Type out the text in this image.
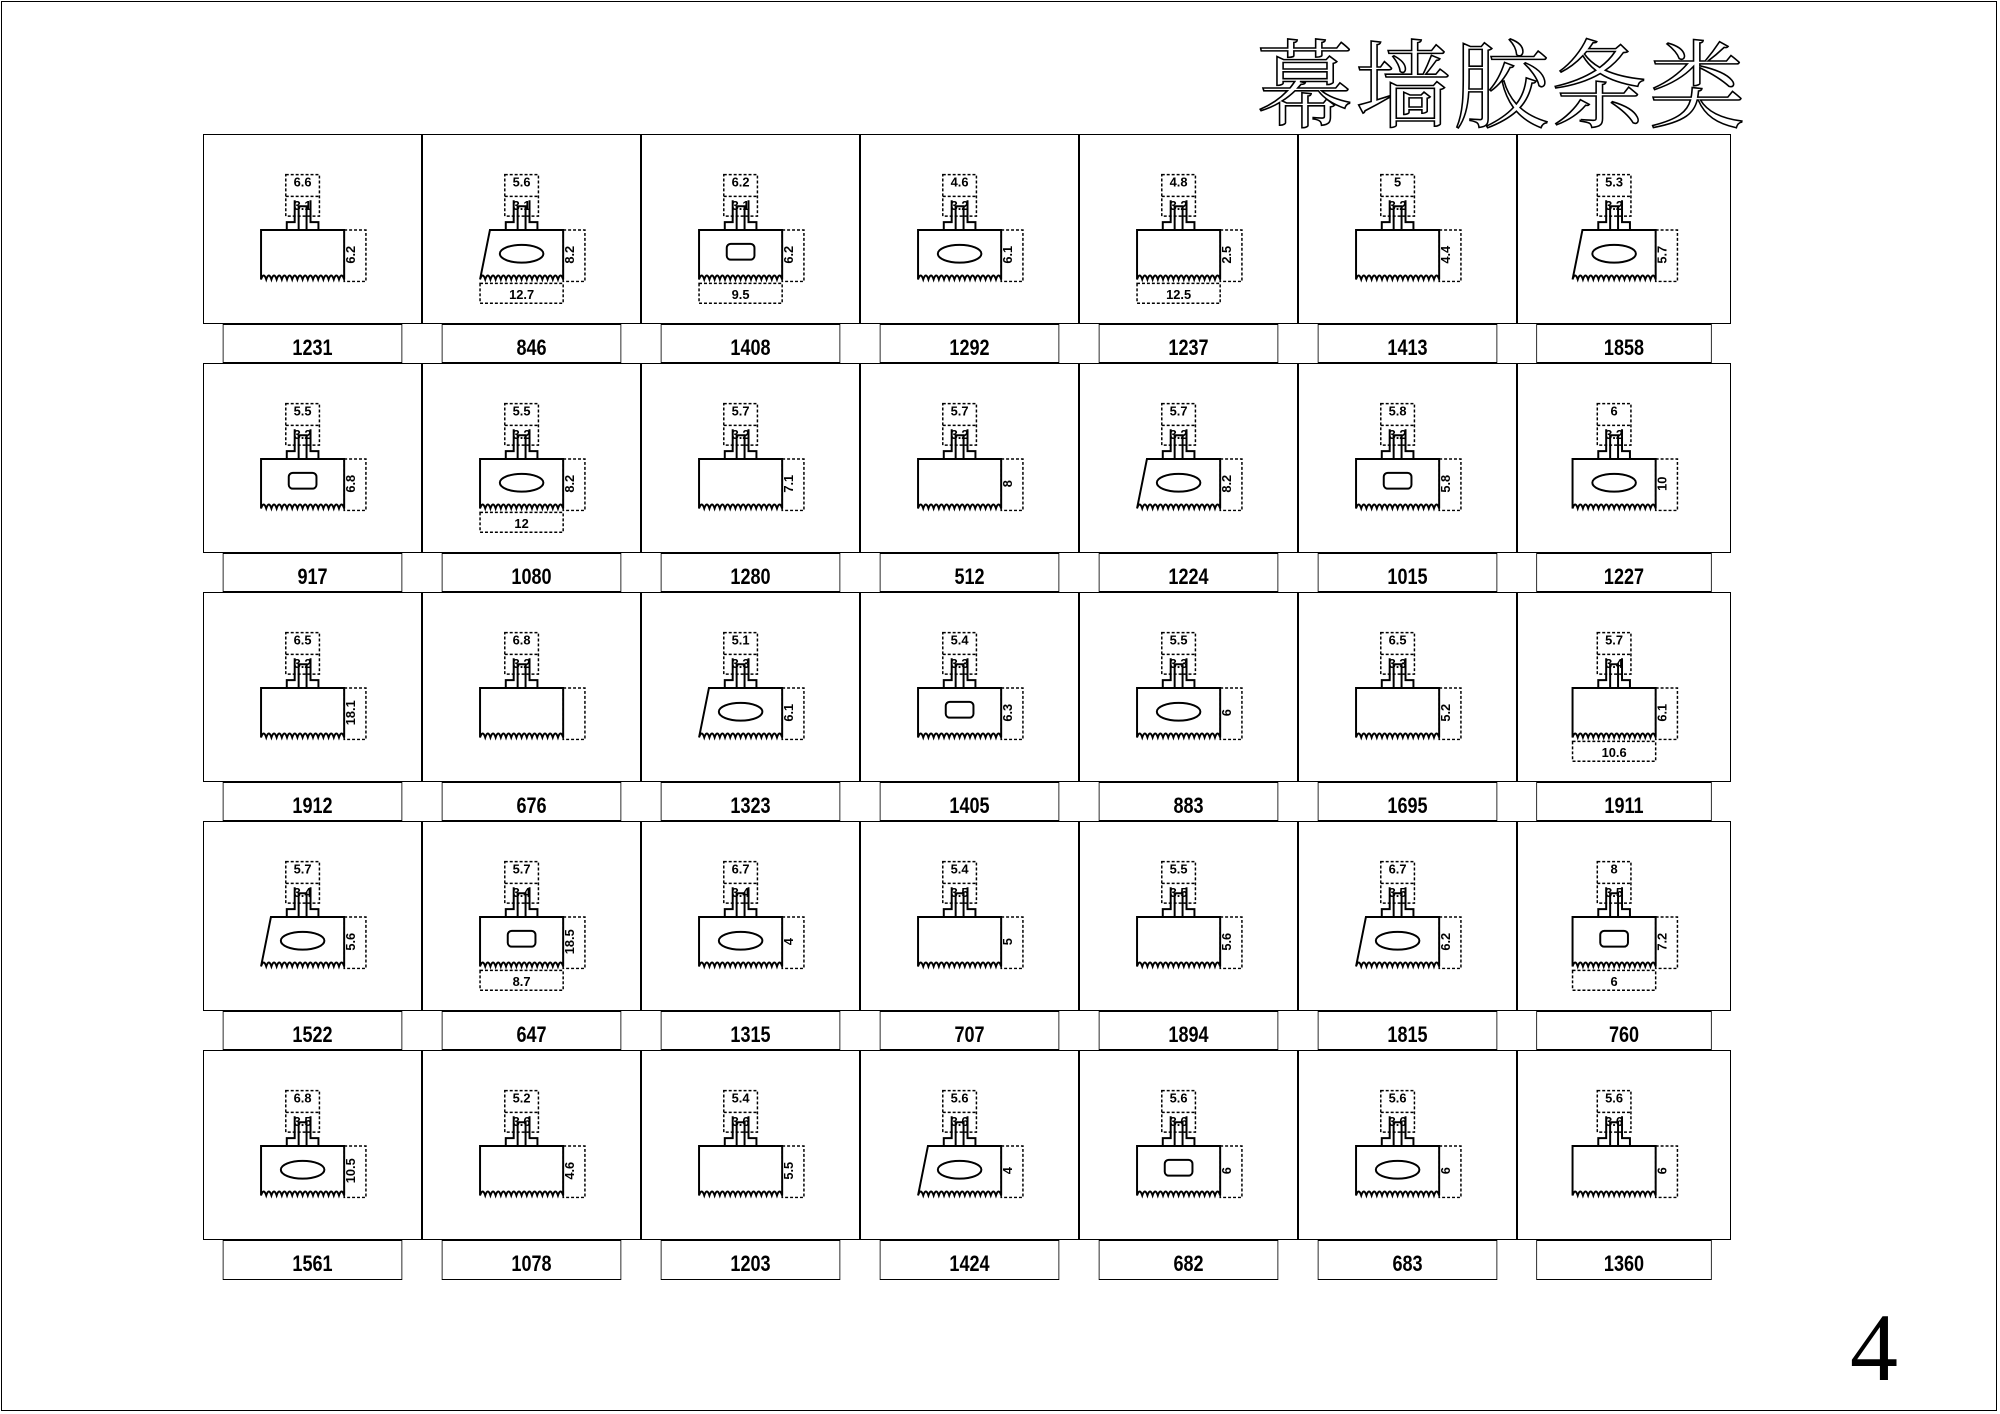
幕墙胶条类
6.6
3.1
6.2
1231
5.6
3.1
8.2
12.7
846
6.2
3.1
6.2
9.5
1408
4.6
3.2
6.1
1292
4.8
3.2
2.5
12.5
1237
5
3.2
4.4
1413
5.3
3.2
5.7
1858
5.5
3.2
6.8
917
5.5
3.2
8.2
12
1080
5.7
3.2
7.1
1280
5.7
3.2
8
512
5.7
3.2
8.2
1224
5.8
3.2
5.8
1015
6
3.2
10
1227
6.5
3.2
18.1
1912
6.8
3.2
676
5.1
3.3
6.1
1323
5.4
3.3
6.3
1405
5.5
3.3
6
883
6.5
3.3
5.2
1695
5.7
3.4
6.1
10.6
1911
5.7
3.4
5.6
1522
5.7
3.4
18.5
8.7
647
6.7
3.4
4
1315
5.4
3.5
5
707
5.5
3.5
5.6
1894
6.7
3.5
6.2
1815
8
3.5
7.2
6
760
6.8
3.5
10.5
1561
5.2
3.6
4.6
1078
5.4
3.6
5.5
1203
5.6
3.6
4
1424
5.6
3.6
6
682
5.6
3.6
6
683
5.6
3.6
6
1360
4
